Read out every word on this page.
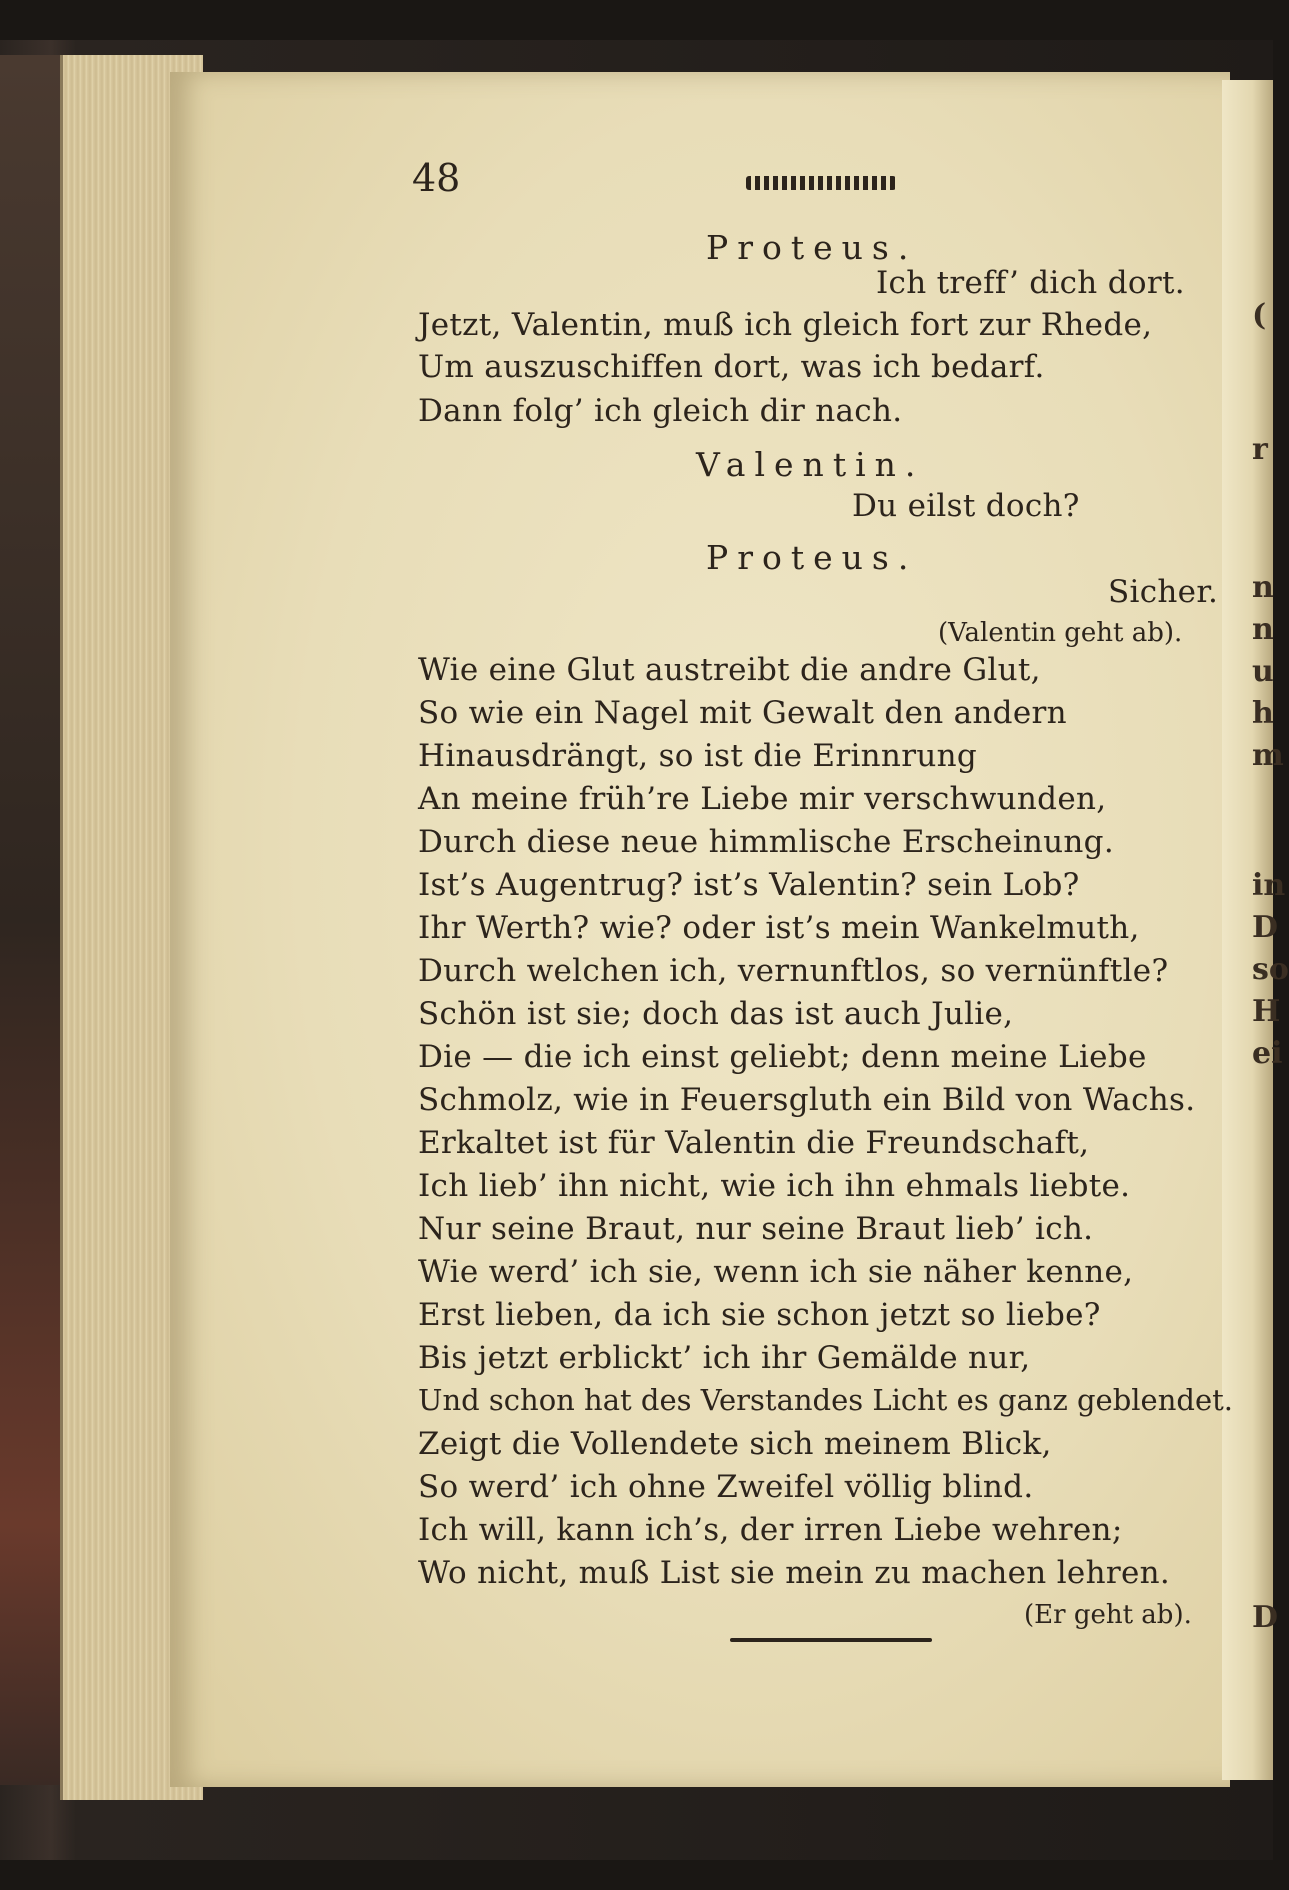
48
Proteus.
Ich treff’ dich dort.
Jetzt, Valentin, muß ich gleich fort zur Rhede,
Um auszuschiffen dort, was ich bedarf.
Dann folg’ ich gleich dir nach.
Valentin.
Du eilst doch?
Proteus.
Sicher.
(Valentin geht ab).
Wie eine Glut austreibt die andre Glut,
So wie ein Nagel mit Gewalt den andern
Hinausdrängt, so ist die Erinnrung
An meine früh’re Liebe mir verschwunden,
Durch diese neue himmlische Erscheinung.
Ist’s Augentrug? ist’s Valentin? sein Lob?
Ihr Werth? wie? oder ist’s mein Wankelmuth,
Durch welchen ich, vernunftlos, so vernünftle?
Schön ist sie; doch das ist auch Julie,
Die — die ich einst geliebt; denn meine Liebe
Schmolz, wie in Feuersgluth ein Bild von Wachs.
Erkaltet ist für Valentin die Freundschaft,
Ich lieb’ ihn nicht, wie ich ihn ehmals liebte.
Nur seine Braut, nur seine Braut lieb’ ich.
Wie werd’ ich sie, wenn ich sie näher kenne,
Erst lieben, da ich sie schon jetzt so liebe?
Bis jetzt erblickt’ ich ihr Gemälde nur,
Und schon hat des Verstandes Licht es ganz geblendet.
Zeigt die Vollendete sich meinem Blick,
So werd’ ich ohne Zweifel völlig blind.
Ich will, kann ich’s, der irren Liebe wehren;
Wo nicht, muß List sie mein zu machen lehren.
(Er geht ab).
(
r
n
n
u
h
m
in
D
so
H
ei
D
